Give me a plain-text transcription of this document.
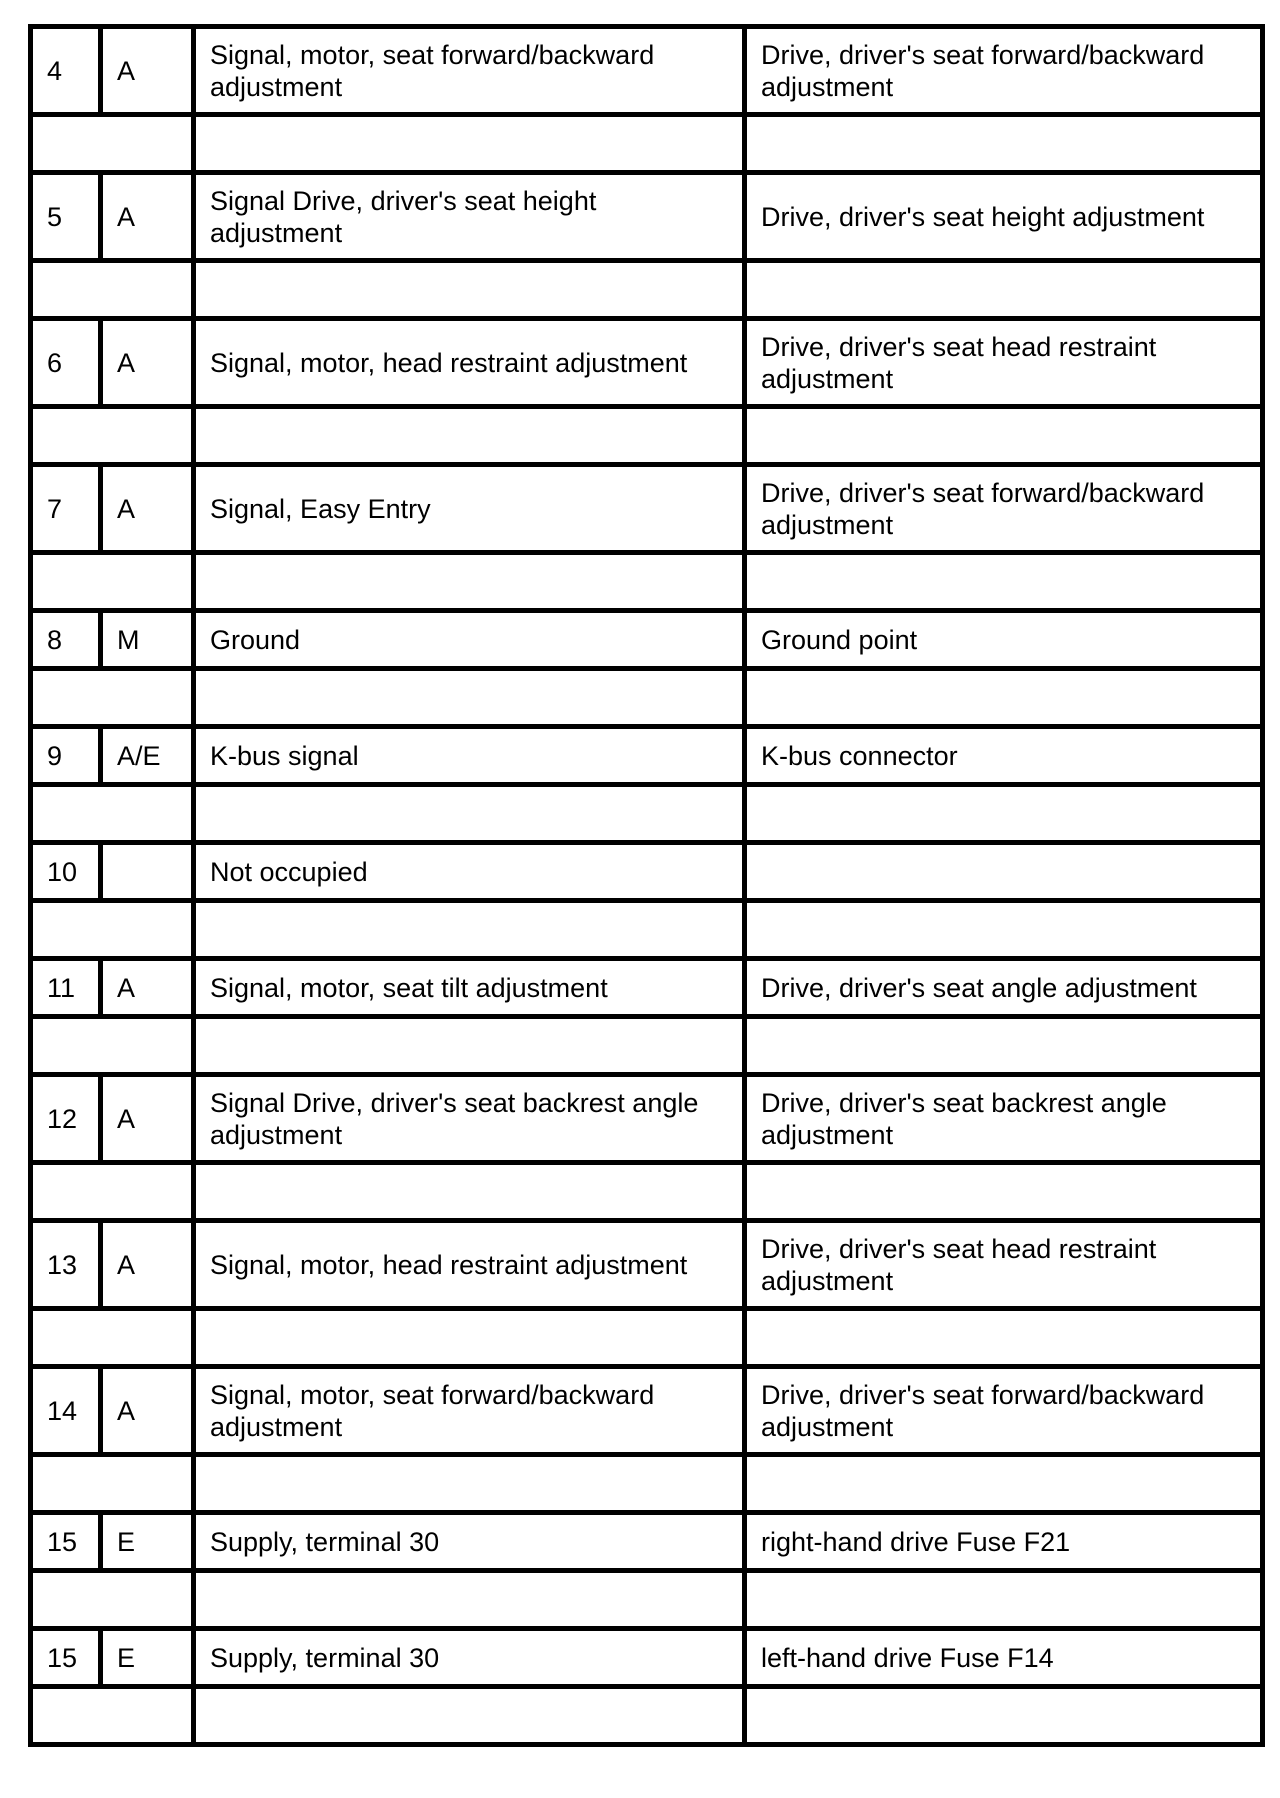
4	A	Signal, motor, seat forward/backward adjustment	Drive, driver's seat forward/backward adjustment

5	A	Signal Drive, driver's seat height adjustment	Drive, driver's seat height adjustment

6	A	Signal, motor, head restraint adjustment	Drive, driver's seat head restraint adjustment

7	A	Signal, Easy Entry	Drive, driver's seat forward/backward adjustment

8	M	Ground	Ground point

9	A/E	K-bus signal	K-bus connector

10		Not occupied	

11	A	Signal, motor, seat tilt adjustment	Drive, driver's seat angle adjustment

12	A	Signal Drive, driver's seat backrest angle adjustment	Drive, driver's seat backrest angle adjustment

13	A	Signal, motor, head restraint adjustment	Drive, driver's seat head restraint adjustment

14	A	Signal, motor, seat forward/backward adjustment	Drive, driver's seat forward/backward adjustment

15	E	Supply, terminal 30	right-hand drive Fuse F21

15	E	Supply, terminal 30	left-hand drive Fuse F14
